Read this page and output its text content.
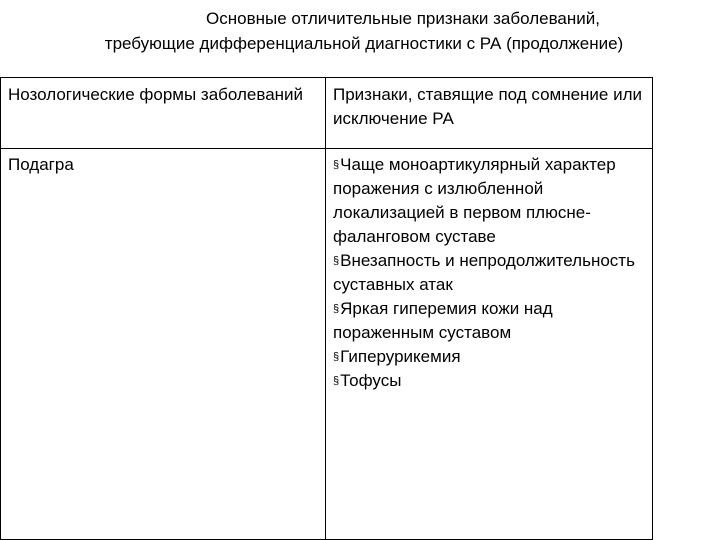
Основные отличительные признаки заболеваний,
требующие дифференциальной диагностики с РА (продолжение)
Нозологические формы заболеваний	Признаки, ставящие под сомнение или исключение РА

Подагра	§Чаще моноартикулярный характер поражения с излюбленной локализацией в первом плюсне-фаланговом суставе
§Внезапность и непродолжительность суставных атак
§Яркая гиперемия кожи над пораженным суставом
§Гиперурикемия
§Тофусы
